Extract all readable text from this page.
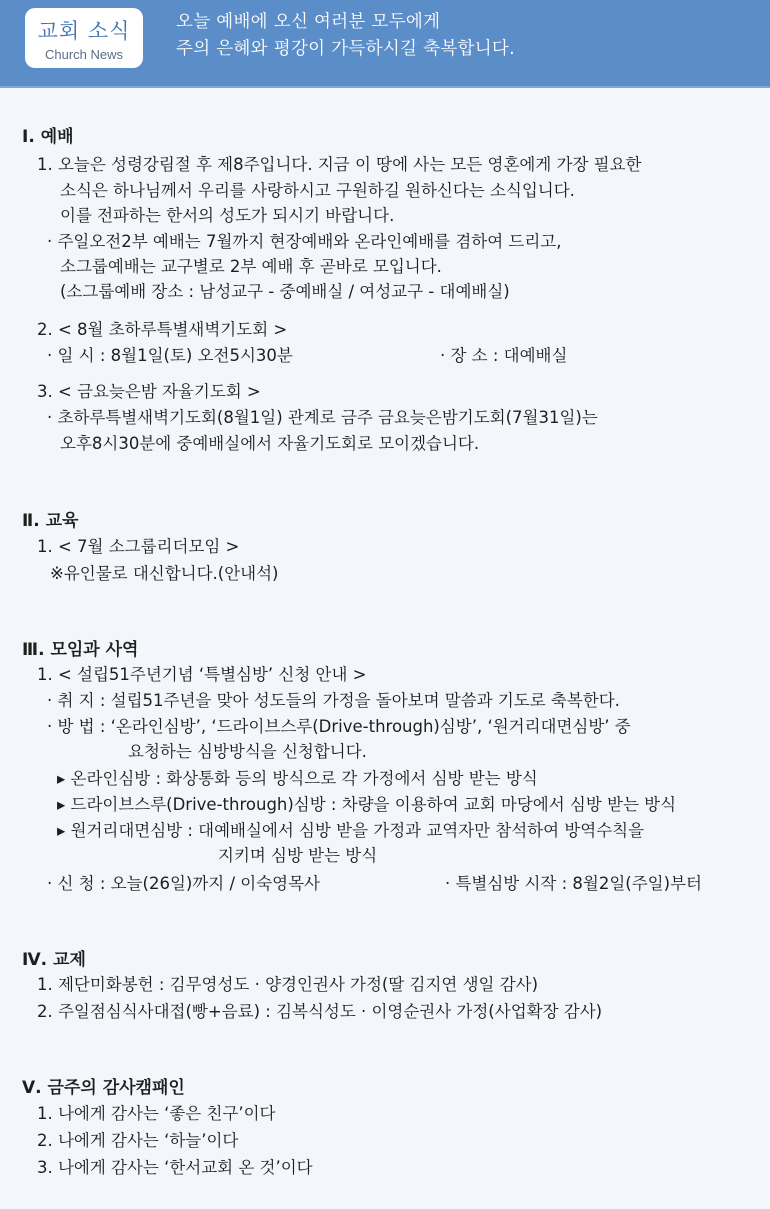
교회 소식
Church News
오늘 예배에 오신 여러분 모두에게
주의 은혜와 평강이 가득하시길 축복합니다.
Ⅰ. 예배
1. 오늘은 성령강림절 후 제8주입니다. 지금 이 땅에 사는 모든 영혼에게 가장 필요한
소식은 하나님께서 우리를 사랑하시고 구원하길 원하신다는 소식입니다.
이를 전파하는 한서의 성도가 되시기 바랍니다.
· 주일오전2부 예배는 7월까지 현장예배와 온라인예배를 겸하여 드리고,
소그룹예배는 교구별로 2부 예배 후 곧바로 모입니다.
(소그룹예배 장소 : 남성교구 - 중예배실 / 여성교구 - 대예배실)
2. < 8월 초하루특별새벽기도회 >
· 일 시 : 8월1일(토) 오전5시30분	· 장 소 : 대예배실
3. < 금요늦은밤 자율기도회 >
· 초하루특별새벽기도회(8월1일) 관계로 금주 금요늦은밤기도회(7월31일)는
오후8시30분에 중예배실에서 자율기도회로 모이겠습니다.
Ⅱ. 교육
1. < 7월 소그룹리더모임 >
※유인물로 대신합니다.(안내석)
Ⅲ. 모임과 사역
1. < 설립51주년기념 ‘특별심방’ 신청 안내 >
· 취 지 : 설립51주년을 맞아 성도들의 가정을 돌아보며 말씀과 기도로 축복한다.
· 방 법 : ‘온라인심방’, ‘드라이브스루(Drive-through)심방’, ‘원거리대면심방’ 중
요청하는 심방방식을 신청합니다.
▸ 온라인심방 : 화상통화 등의 방식으로 각 가정에서 심방 받는 방식
▸ 드라이브스루(Drive-through)심방 : 차량을 이용하여 교회 마당에서 심방 받는 방식
▸ 원거리대면심방 : 대예배실에서 심방 받을 가정과 교역자만 참석하여 방역수칙을
지키며 심방 받는 방식
· 신 청 : 오늘(26일)까지 / 이숙영목사	· 특별심방 시작 : 8월2일(주일)부터
Ⅳ. 교제
1. 제단미화봉헌 : 김무영성도 · 양경인권사 가정(딸 김지연 생일 감사)
2. 주일점심식사대접(빵+음료) : 김복식성도 · 이영순권사 가정(사업확장 감사)
Ⅴ. 금주의 감사캠패인
1. 나에게 감사는 ‘좋은 친구’이다
2. 나에게 감사는 ‘하늘’이다
3. 나에게 감사는 ‘한서교회 온 것’이다
